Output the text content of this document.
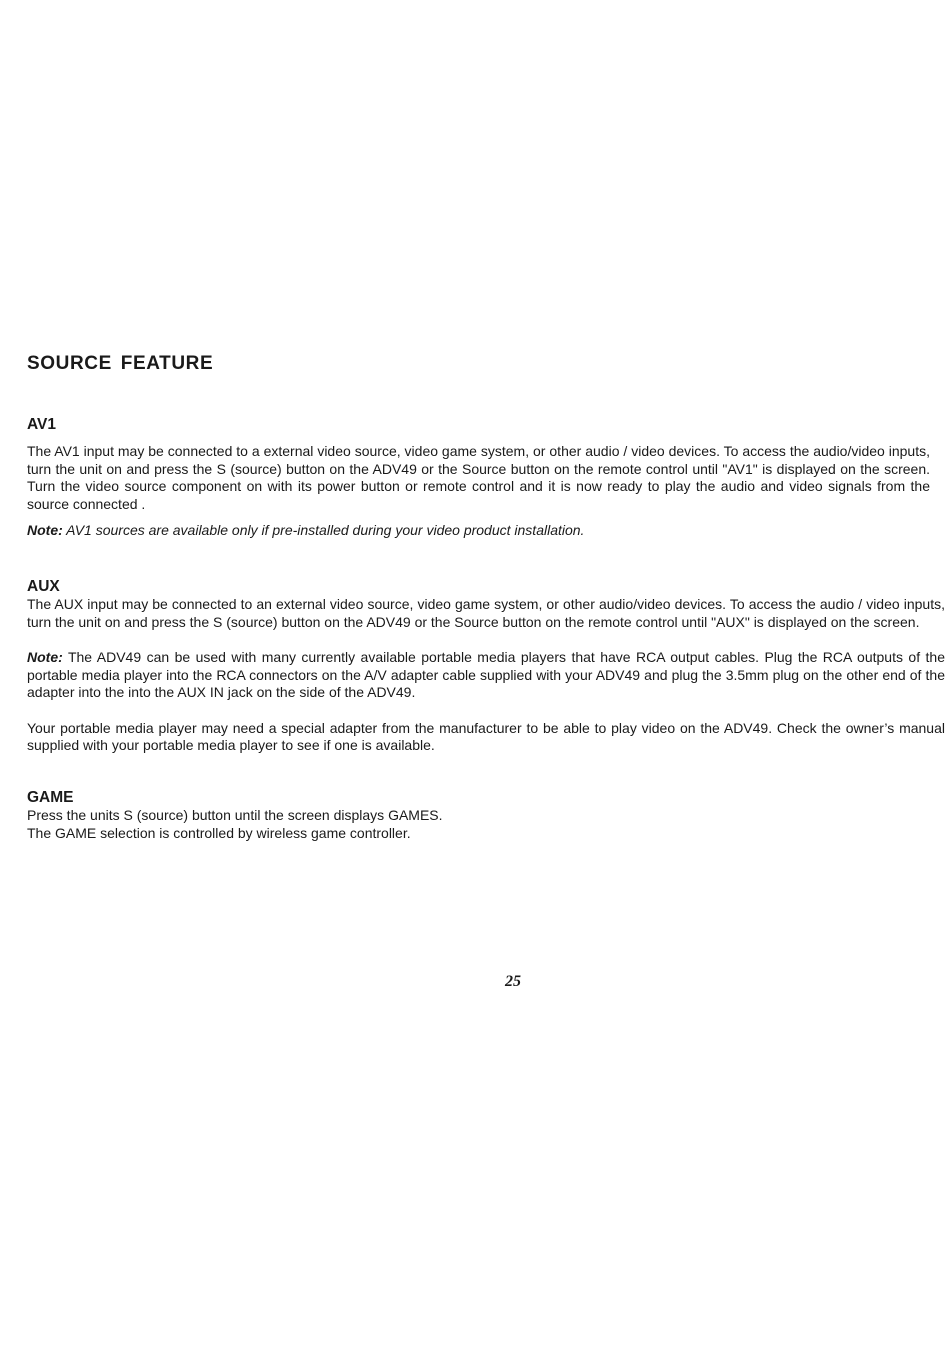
SOURCE FEATURE
AV1

The AV1 input may be connected to a external video source, video game system, or other audio / video devices. To access the audio/video inputs, turn the unit on and press the S (source) button on the ADV49 or the Source button on the remote control until "AV1" is displayed on the screen. Turn the video source component on with its power button or remote control and it is now ready to play the audio and video signals from the source connected .

Note: AV1 sources are available only if pre-installed during your video product installation.

AUX

The AUX input may be connected to an external video source, video game system, or other audio/video devices. To access the audio / video inputs, turn the unit on and press the S (source) button on the ADV49 or the Source button on the remote control until "AUX" is displayed on the screen.

Note: The ADV49 can be used with many currently available portable media players that have RCA output cables. Plug the RCA outputs of the portable media player into the RCA connectors on the A/V adapter cable supplied with your ADV49 and plug the 3.5mm plug on the other end of the adapter into the into the AUX IN jack on the side of the ADV49.

Your portable media player may need a special adapter from the manufacturer to be able to play video on the ADV49. Check the owner’s manual supplied with your portable media player to see if one is available.

GAME

Press the units S (source) button until the screen displays GAMES.

The GAME selection is controlled by wireless game controller.

25
